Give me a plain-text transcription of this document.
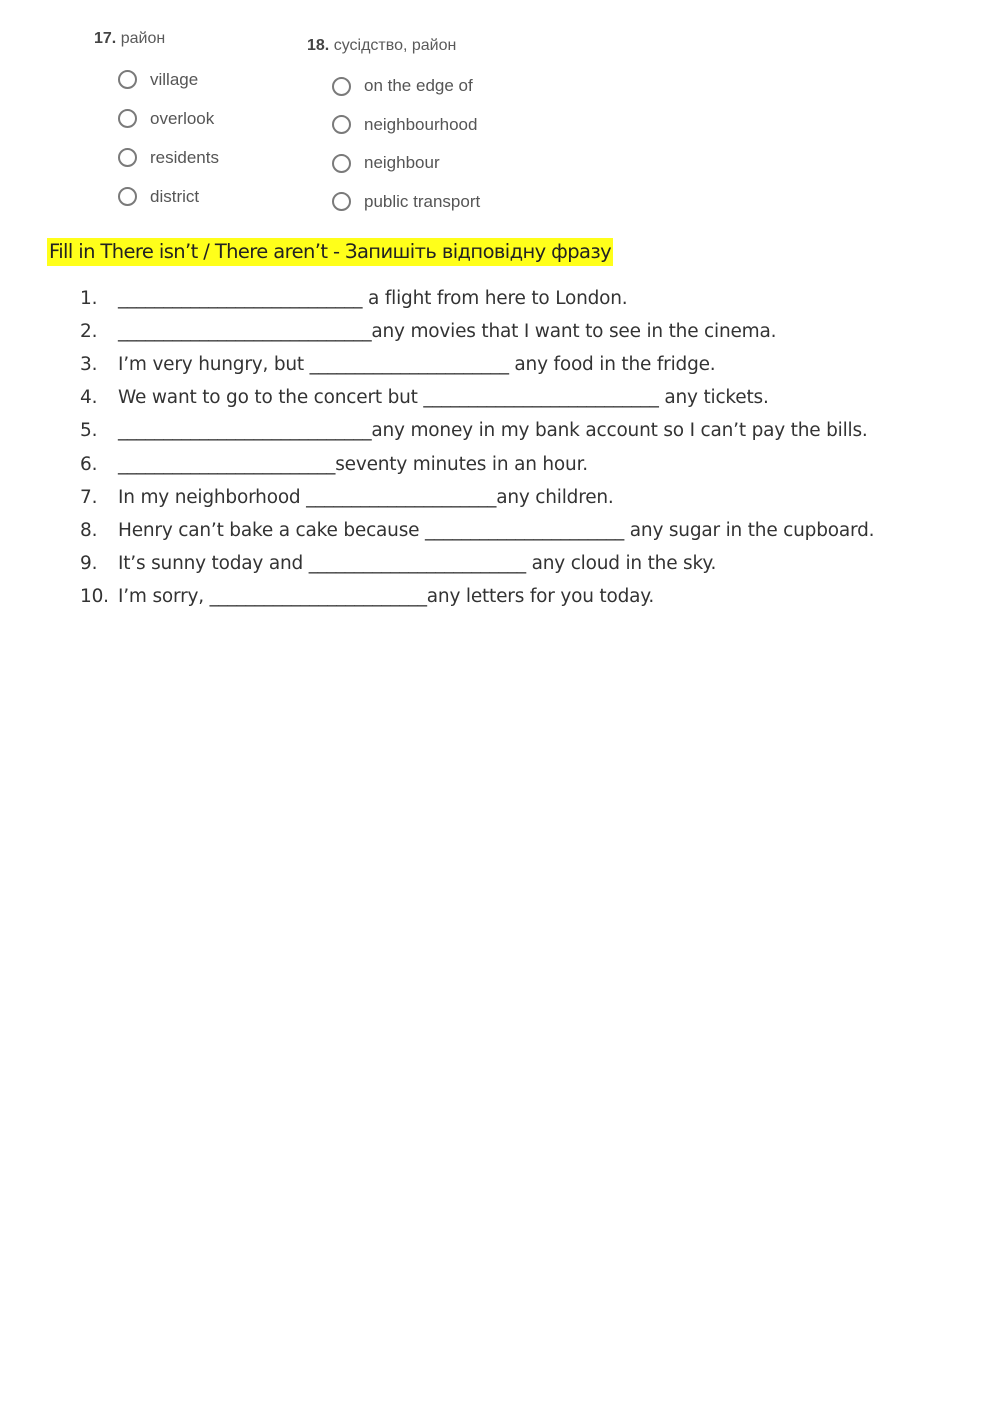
17. район
village
overlook
residents
district
18. сусідство, район
on the edge of
neighbourhood
neighbour
public transport
Fill in There isn’t / There aren’t - Запишіть відповідну фразу
1.	___________________________ a flight from here to London.
2.	____________________________any movies that I want to see in the cinema.
3.	I’m very hungry, but ______________________ any food in the fridge.
4.	We want to go to the concert but __________________________ any tickets.
5.	____________________________any money in my bank account so I can’t pay the bills.
6.	________________________seventy minutes in an hour.
7.	In my neighborhood _____________________any children.
8.	Henry can’t bake a cake because ______________________ any sugar in the cupboard.
9.	It’s sunny today and ________________________ any cloud in the sky.
10. I’m sorry, ________________________any letters for you today.
